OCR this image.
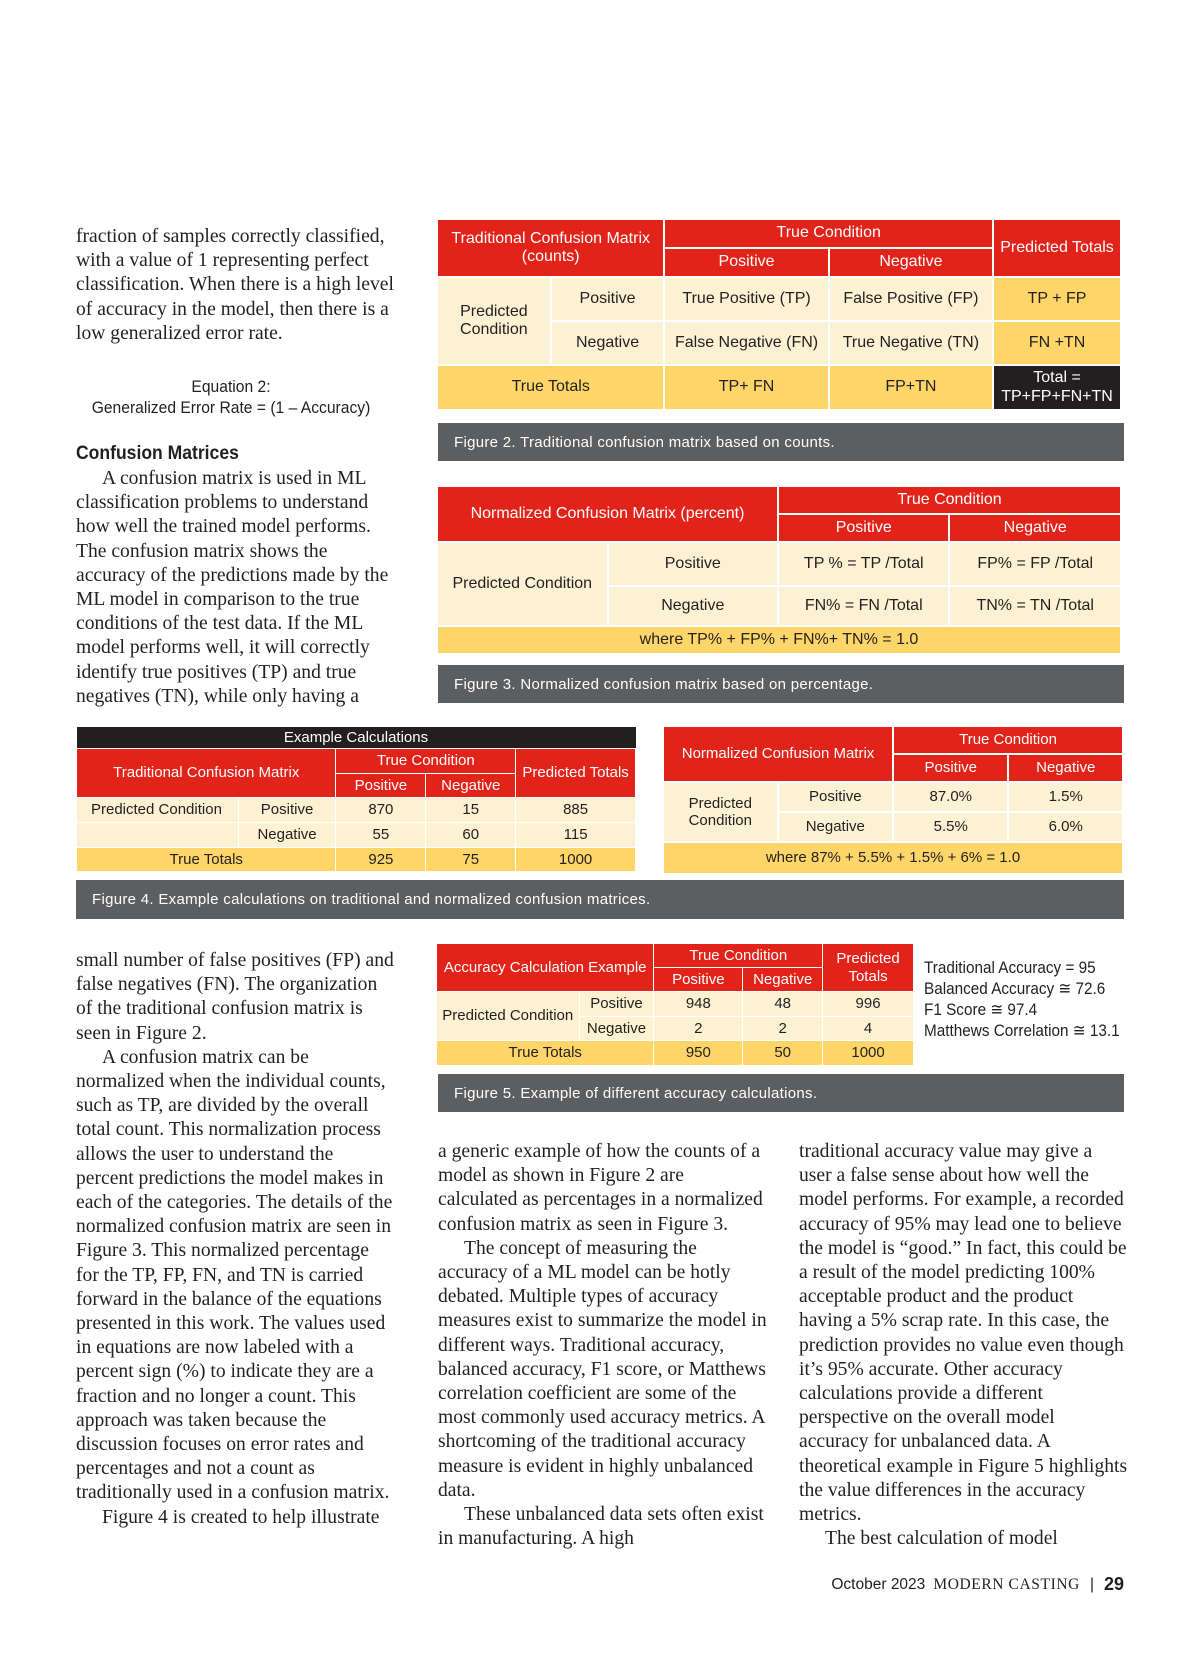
fraction of samples correctly classified, with a value of 1 representing perfect classification. When there is a high level of accuracy in the model, then there is a low generalized error rate.

Equation 2:
Generalized Error Rate = (1 – Accuracy)
Confusion Matrices

A confusion matrix is used in ML classification problems to understand how well the trained model performs. The confusion matrix shows the accuracy of the predictions made by the ML model in comparison to the true conditions of the test data. If the ML model performs well, it will correctly identify true positives (TP) and true negatives (TN), while only having a

small number of false positives (FP) and false negatives (FN). The organization of the traditional confusion matrix is seen in Figure 2.

A confusion matrix can be normalized when the individual counts, such as TP, are divided by the overall total count. This normalization process allows the user to understand the percent predictions the model makes in each of the categories. The details of the normalized confusion matrix are seen in Figure 3. This normalized percentage for the TP, FP, FN, and TN is carried forward in the balance of the equations presented in this work. The values used in equations are now labeled with a percent sign (%) to indicate they are a fraction and no longer a count. This approach was taken because the discussion focuses on error rates and percentages and not a count as traditionally used in a confusion matrix.

Figure 4 is created to help illustrate

a generic example of how the counts of a model as shown in Figure 2 are calculated as percentages in a normalized confusion matrix as seen in Figure 3.

The concept of measuring the accuracy of a ML model can be hotly debated. Multiple types of accuracy measures exist to summarize the model in different ways. Traditional accuracy, balanced accuracy, F1 score, or Matthews correlation coefficient are some of the most commonly used accuracy metrics. A shortcoming of the traditional accuracy measure is evident in highly unbalanced data.

These unbalanced data sets often exist in manufacturing. A high

traditional accuracy value may give a user a false sense about how well the model performs. For example, a recorded accuracy of 95% may lead one to believe the model is “good.” In fact, this could be a result of the model predicting 100% acceptable product and the product having a 5% scrap rate. In this case, the prediction provides no value even though it’s 95% accurate. Other accuracy calculations provide a different perspective on the overall model accuracy for unbalanced data. A theoretical example in Figure 5 highlights the value differences in the accuracy metrics.

The best calculation of model

Traditional Confusion Matrix (counts)		True Condition		Predicted Totals
		Positive	Negative	
Predicted Condition	Positive	True Positive (TP)	False Positive (FP)	TP + FP
	Negative	False Negative (FN)	True Negative (TN)	FN +TN
True Totals		TP+ FN	FP+TN	Total =
TP+FP+FN+TN
Figure 2. Traditional confusion matrix based on counts.
Normalized Confusion Matrix (percent)		True Condition	
		Positive	Negative
Predicted Condition	Positive	TP % = TP /Total	FP% = FP /Total
	Negative	FN% = FN /Total	TN% = TN /Total
where TP% + FP% + FN%+ TN% = 1.0			
Figure 3. Normalized confusion matrix based on percentage.
Example Calculations				
Traditional Confusion Matrix		True Condition		Predicted Totals
		Positive	Negative	
Predicted Condition	Positive	870	15	885
	Negative	55	60	115
True Totals		925	75	1000
Normalized Confusion Matrix		True Condition	
		Positive	Negative
Predicted Condition	Positive	87.0%	1.5%
	Negative	5.5%	6.0%
where 87% + 5.5% + 1.5% + 6% = 1.0			
Figure 4. Example calculations on traditional and normalized confusion matrices.
Accuracy Calculation Example		True Condition		Predicted Totals
		Positive	Negative	
Predicted Condition	Positive	948	48	996
	Negative	2	2	4
True Totals		950	50	1000
Traditional Accuracy = 95
Balanced Accuracy ≅ 72.6
F1 Score ≅ 97.4
Matthews Correlation ≅ 13.1
Figure 5. Example of different accuracy calculations.
October 2023 MODERN CASTING | 29
